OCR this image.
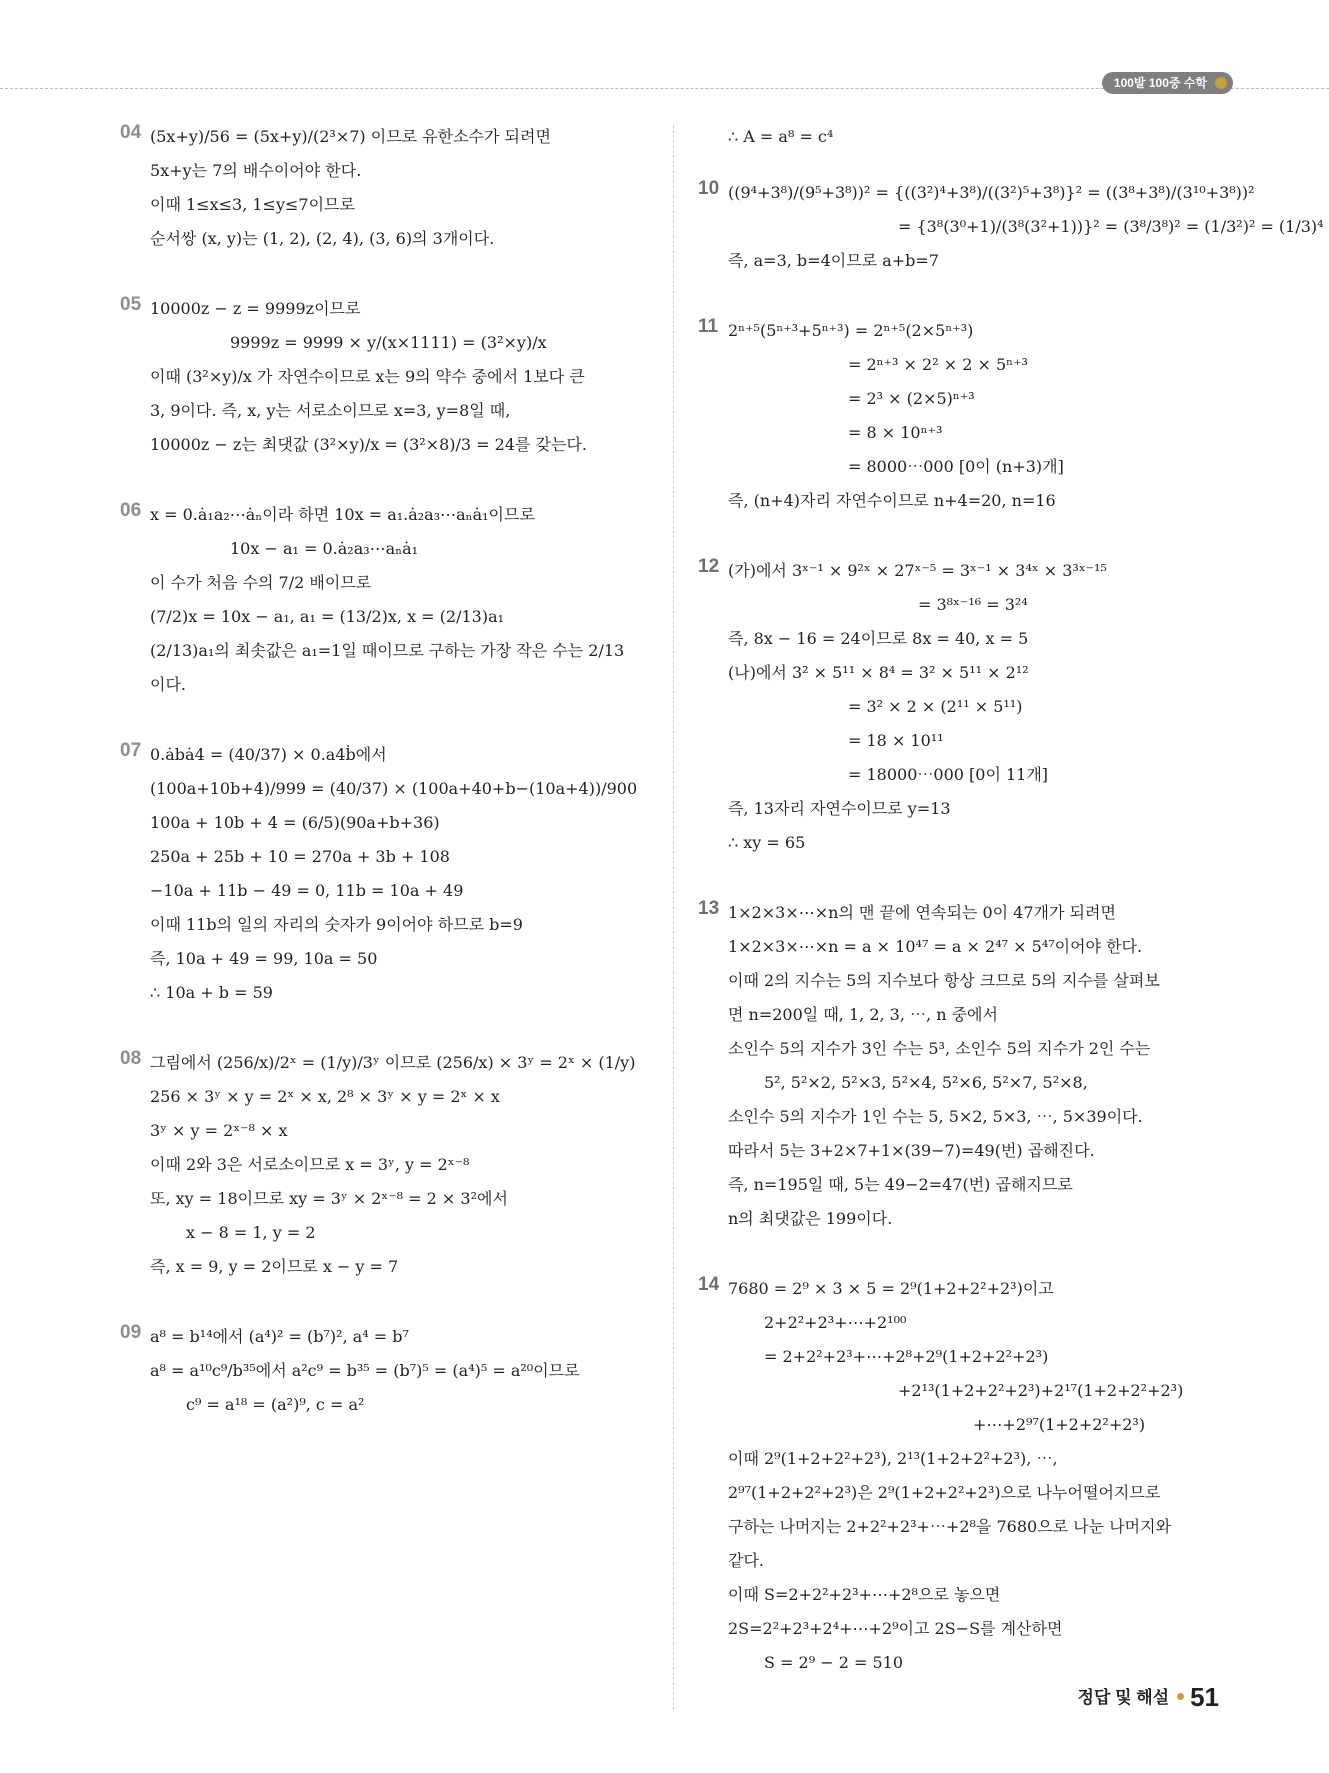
100발 100중 수학
04 (5x+y)/56 = (5x+y)/(2³×7) 이므로 유한소수가 되려면
5x+y는 7의 배수이어야 한다.
이때 1≤x≤3, 1≤y≤7이므로
순서쌍 (x, y)는 (1, 2), (2, 4), (3, 6)의 3개이다.
05 10000z − z = 9999z이므로
9999z = 9999 × y/(x×1111) = (3²×y)/x
이때 (3²×y)/x 가 자연수이므로 x는 9의 약수 중에서 1보다 큰
3, 9이다. 즉, x, y는 서로소이므로 x=3, y=8일 때,
10000z − z는 최댓값 (3²×y)/x = (3²×8)/3 = 24를 갖는다.
06 x = 0.ȧ₁a₂⋯ȧₙ이라 하면 10x = a₁.ȧ₂a₃⋯aₙȧ₁이므로
10x − a₁ = 0.ȧ₂a₃⋯aₙȧ₁
이 수가 처음 수의 7/2 배이므로
(7/2)x = 10x − a₁, a₁ = (13/2)x, x = (2/13)a₁
(2/13)a₁의 최솟값은 a₁=1일 때이므로 구하는 가장 작은 수는 2/13
이다.
07 0.ȧbȧ4 = (40/37) × 0.a4ḃ에서
(100a+10b+4)/999 = (40/37) × (100a+40+b−(10a+4))/900
100a + 10b + 4 = (6/5)(90a+b+36)
250a + 25b + 10 = 270a + 3b + 108
−10a + 11b − 49 = 0, 11b = 10a + 49
이때 11b의 일의 자리의 숫자가 9이어야 하므로 b=9
즉, 10a + 49 = 99, 10a = 50
∴ 10a + b = 59
08 그림에서 (256/x)/2ˣ = (1/y)/3ʸ 이므로 (256/x) × 3ʸ = 2ˣ × (1/y)
256 × 3ʸ × y = 2ˣ × x, 2⁸ × 3ʸ × y = 2ˣ × x
3ʸ × y = 2ˣ⁻⁸ × x
이때 2와 3은 서로소이므로 x = 3ʸ, y = 2ˣ⁻⁸
또, xy = 18이므로 xy = 3ʸ × 2ˣ⁻⁸ = 2 × 3²에서
x − 8 = 1, y = 2
즉, x = 9, y = 2이므로 x − y = 7
09 a⁸ = b¹⁴에서 (a⁴)² = (b⁷)², a⁴ = b⁷
a⁸ = a¹⁰c⁹/b³⁵에서 a²c⁹ = b³⁵ = (b⁷)⁵ = (a⁴)⁵ = a²⁰이므로
c⁹ = a¹⁸ = (a²)⁹, c = a²
∴ A = a⁸ = c⁴
10 ((9⁴+3⁸)/(9⁵+3⁸))² = {((3²)⁴+3⁸)/((3²)⁵+3⁸)}² = ((3⁸+3⁸)/(3¹⁰+3⁸))²
= {3⁸(3⁰+1)/(3⁸(3²+1))}² = (3⁸/3⁸)² = (1/3²)² = (1/3)⁴
즉, a=3, b=4이므로 a+b=7
11 2ⁿ⁺⁵(5ⁿ⁺³+5ⁿ⁺³) = 2ⁿ⁺⁵(2×5ⁿ⁺³)
= 2ⁿ⁺³ × 2² × 2 × 5ⁿ⁺³
= 2³ × (2×5)ⁿ⁺³
= 8 × 10ⁿ⁺³
= 8000⋯000 [0이 (n+3)개]
즉, (n+4)자리 자연수이므로 n+4=20, n=16
12 (가)에서 3ˣ⁻¹ × 9²ˣ × 27ˣ⁻⁵ = 3ˣ⁻¹ × 3⁴ˣ × 3³ˣ⁻¹⁵
= 3⁸ˣ⁻¹⁶ = 3²⁴
즉, 8x − 16 = 24이므로 8x = 40, x = 5
(나)에서 3² × 5¹¹ × 8⁴ = 3² × 5¹¹ × 2¹²
= 3² × 2 × (2¹¹ × 5¹¹)
= 18 × 10¹¹
= 18000⋯000 [0이 11개]
즉, 13자리 자연수이므로 y=13
∴ xy = 65
13 1×2×3×⋯×n의 맨 끝에 연속되는 0이 47개가 되려면
1×2×3×⋯×n = a × 10⁴⁷ = a × 2⁴⁷ × 5⁴⁷이어야 한다.
이때 2의 지수는 5의 지수보다 항상 크므로 5의 지수를 살펴보
면 n=200일 때, 1, 2, 3, ⋯, n 중에서
소인수 5의 지수가 3인 수는 5³, 소인수 5의 지수가 2인 수는
5², 5²×2, 5²×3, 5²×4, 5²×6, 5²×7, 5²×8,
소인수 5의 지수가 1인 수는 5, 5×2, 5×3, ⋯, 5×39이다.
따라서 5는 3+2×7+1×(39−7)=49(번) 곱해진다.
즉, n=195일 때, 5는 49−2=47(번) 곱해지므로
n의 최댓값은 199이다.
14 7680 = 2⁹ × 3 × 5 = 2⁹(1+2+2²+2³)이고
2+2²+2³+⋯+2¹⁰⁰
= 2+2²+2³+⋯+2⁸+2⁹(1+2+2²+2³)
+2¹³(1+2+2²+2³)+2¹⁷(1+2+2²+2³)
+⋯+2⁹⁷(1+2+2²+2³)
이때 2⁹(1+2+2²+2³), 2¹³(1+2+2²+2³), ⋯,
2⁹⁷(1+2+2²+2³)은 2⁹(1+2+2²+2³)으로 나누어떨어지므로
구하는 나머지는 2+2²+2³+⋯+2⁸을 7680으로 나눈 나머지와
같다.
이때 S=2+2²+2³+⋯+2⁸으로 놓으면
2S=2²+2³+2⁴+⋯+2⁹이고 2S−S를 계산하면
S = 2⁹ − 2 = 510
정답 및 해설 51
